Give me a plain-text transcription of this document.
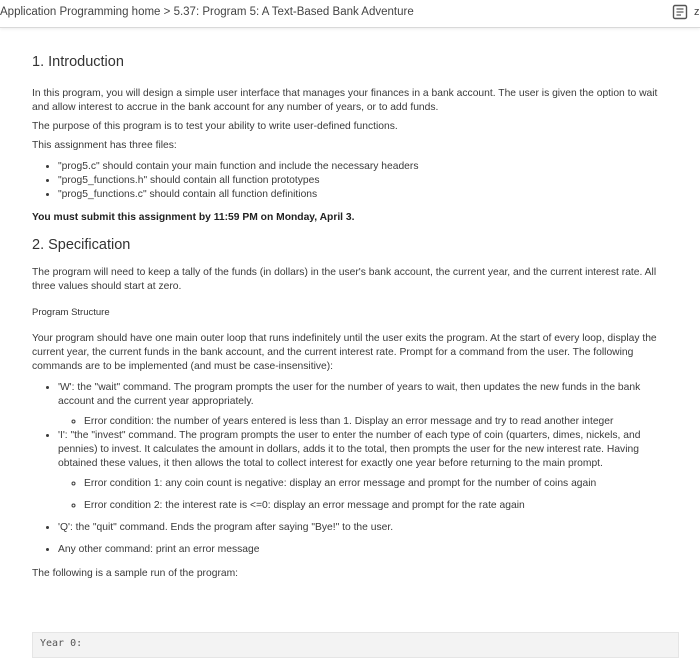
Application Programming home > 5.37: Program 5: A Text-Based Bank Adventure	z
1. Introduction

In this program, you will design a simple user interface that manages your finances in a bank account. The user is given the option to wait and allow interest to accrue in the bank account for any number of years, or to add funds.

The purpose of this program is to test your ability to write user-defined functions.

This assignment has three files:

• "prog5.c" should contain your main function and include the necessary headers
• "prog5_functions.h" should contain all function prototypes
• "prog5_functions.c" should contain all function definitions

You must submit this assignment by 11:59 PM on Monday, April 3.

2. Specification

The program will need to keep a tally of the funds (in dollars) in the user's bank account, the current year, and the current interest rate. All three values should start at zero.

Program Structure

Your program should have one main outer loop that runs indefinitely until the user exits the program. At the start of every loop, display the current year, the current funds in the bank account, and the current interest rate. Prompt for a command from the user. The following commands are to be implemented (and must be case-insensitive):

• 'W': the "wait" command. The program prompts the user for the number of years to wait, then updates the new funds in the bank account and the current year appropriately.
◦ Error condition: the number of years entered is less than 1. Display an error message and try to read another integer
• 'I': "the "invest" command. The program prompts the user to enter the number of each type of coin (quarters, dimes, nickels, and pennies) to invest. It calculates the amount in dollars, adds it to the total, then prompts the user for the new interest rate. Having obtained these values, it then allows the total to collect interest for exactly one year before returning to the main prompt.
◦ Error condition 1: any coin count is negative: display an error message and prompt for the number of coins again
◦ Error condition 2: the interest rate is <=0: display an error message and prompt for the rate again
• 'Q': the "quit" command. Ends the program after saying "Bye!" to the user.
• Any other command: print an error message

The following is a sample run of the program:

Year 0:
